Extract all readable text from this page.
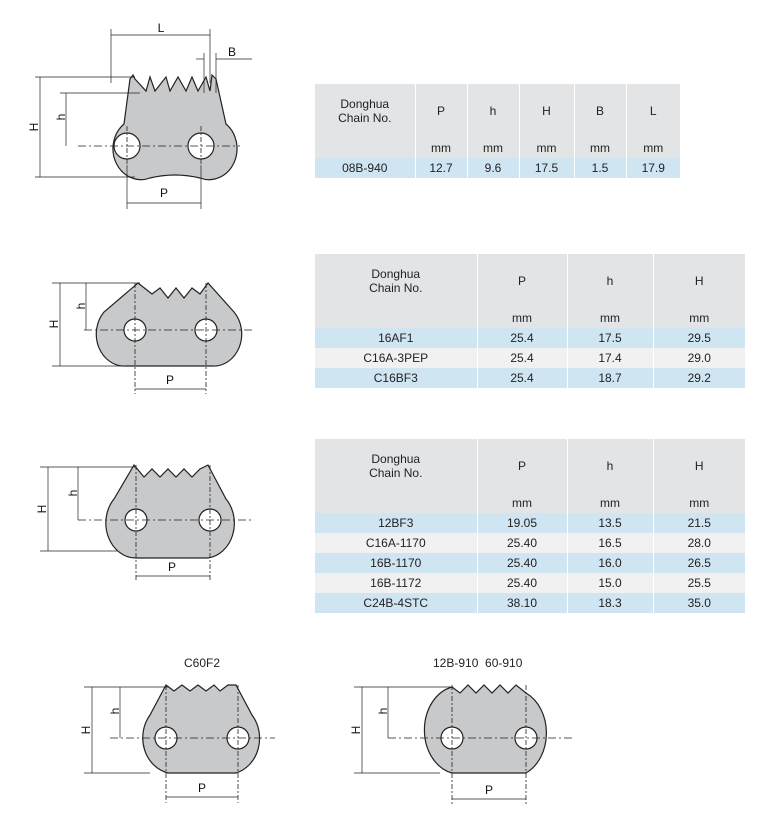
L
B
H
h
P
Donghua
Chain No.	P	h	H	B	L
	mm	mm	mm	mm	mm
08B-940	12.7	9.6	17.5	1.5	17.9
H
h
P
Donghua
Chain No.	P	h	H
	mm	mm	mm
16AF1	25.4	17.5	29.5
C16A-3PEP	25.4	17.4	29.0
C16BF3	25.4	18.7	29.2
H
h
P
Donghua
Chain No.	P	h	H
	mm	mm	mm
12BF3	19.05	13.5	21.5
C16A-1170	25.40	16.5	28.0
16B-1170	25.40	16.0	26.5
16B-1172	25.40	15.0	25.5
C24B-4STC	38.10	18.3	35.0
C60F2
H
h
P
12B-910  60-910
H
h
P
